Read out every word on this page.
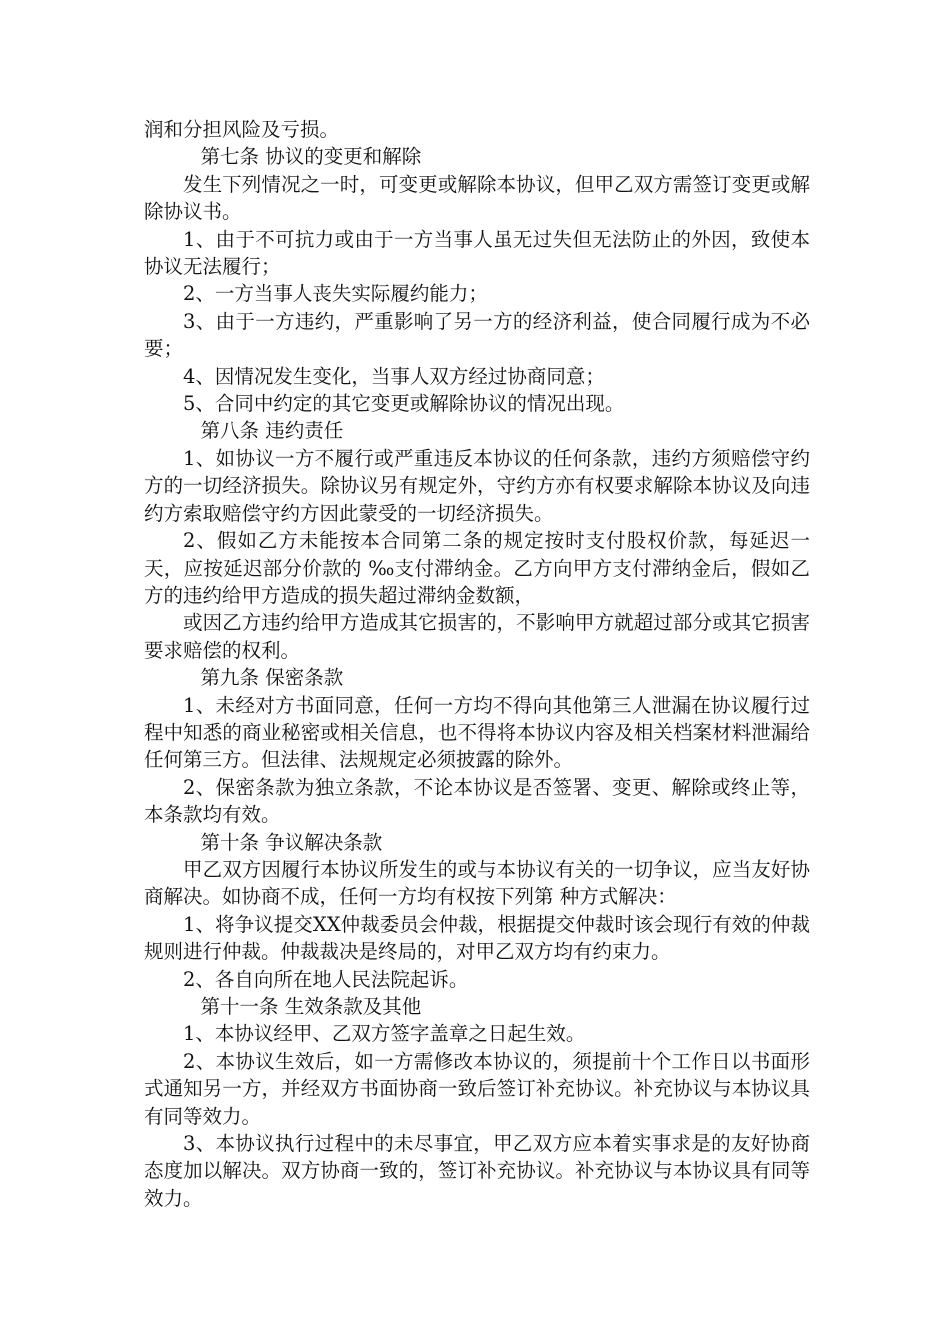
润和分担风险及亏损。

第七条 协议的变更和解除

发生下列情况之一时，可变更或解除本协议，但甲乙双方需签订变更或解除协议书。

1、由于不可抗力或由于一方当事人虽无过失但无法防止的外因，致使本协议无法履行；

2、一方当事人丧失实际履约能力；

3、由于一方违约，严重影响了另一方的经济利益，使合同履行成为不必要；

4、因情况发生变化，当事人双方经过协商同意；

5、合同中约定的其它变更或解除协议的情况出现。

第八条 违约责任

1、如协议一方不履行或严重违反本协议的任何条款，违约方须赔偿守约方的一切经济损失。除协议另有规定外，守约方亦有权要求解除本协议及向违约方索取赔偿守约方因此蒙受的一切经济损失。

2、假如乙方未能按本合同第二条的规定按时支付股权价款，每延迟一天，应按延迟部分价款的 ‰支付滞纳金。乙方向甲方支付滞纳金后，假如乙方的违约给甲方造成的损失超过滞纳金数额，

或因乙方违约给甲方造成其它损害的，不影响甲方就超过部分或其它损害要求赔偿的权利。

第九条 保密条款

1、未经对方书面同意，任何一方均不得向其他第三人泄漏在协议履行过程中知悉的商业秘密或相关信息，也不得将本协议内容及相关档案材料泄漏给任何第三方。但法律、法规规定必须披露的除外。

2、保密条款为独立条款，不论本协议是否签署、变更、解除或终止等，本条款均有效。

第十条 争议解决条款

甲乙双方因履行本协议所发生的或与本协议有关的一切争议，应当友好协商解决。如协商不成，任何一方均有权按下列第 种方式解决：

1、将争议提交XX仲裁委员会仲裁，根据提交仲裁时该会现行有效的仲裁规则进行仲裁。仲裁裁决是终局的，对甲乙双方均有约束力。

2、各自向所在地人民法院起诉。

第十一条 生效条款及其他

1、本协议经甲、乙双方签字盖章之日起生效。

2、本协议生效后，如一方需修改本协议的，须提前十个工作日以书面形式通知另一方，并经双方书面协商一致后签订补充协议。补充协议与本协议具有同等效力。

3、本协议执行过程中的未尽事宜，甲乙双方应本着实事求是的友好协商态度加以解决。双方协商一致的，签订补充协议。补充协议与本协议具有同等效力。
